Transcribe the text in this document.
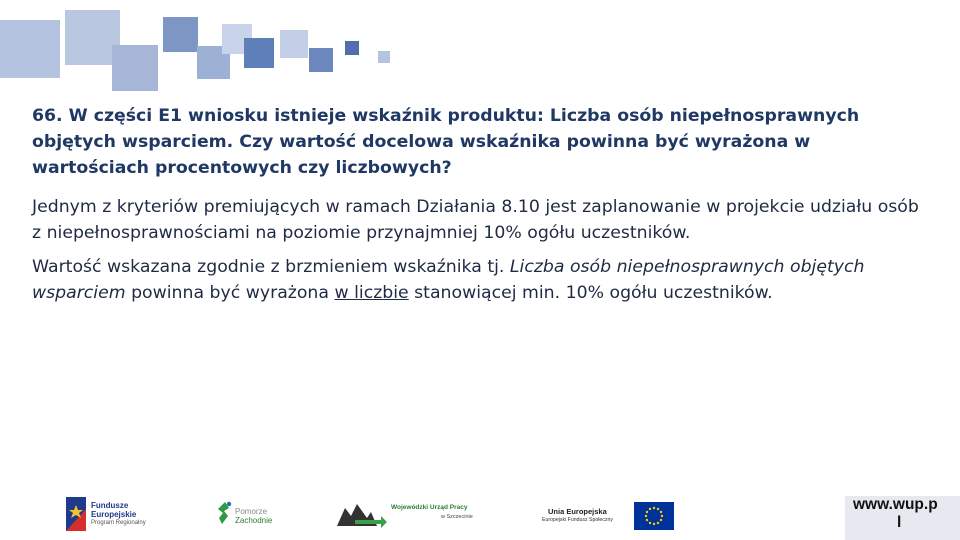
66. W części E1 wniosku istnieje wskaźnik produktu: Liczba osób niepełnosprawnych objętych wsparciem. Czy wartość docelowa wskaźnika powinna być wyrażona w wartościach procentowych czy liczbowych?
Jednym z kryteriów premiujących w ramach Działania 8.10 jest zaplanowanie w projekcie udziału osób z niepełnosprawnościami na poziomie przynajmniej 10% ogółu uczestników.
Wartość wskazana zgodnie z brzmieniem wskaźnika tj. Liczba osób niepełnosprawnych objętych wsparciem powinna być wyrażona w liczbie stanowiącej min. 10% ogółu uczestników.
Fundusze
Europejskie
Program Regionalny
Pomorze
Zachodnie
Wojewódzki Urząd Pracy
w Szczecinie
Unia Europejska
Europejski Fundusz Społeczny
www.wup.p
l
